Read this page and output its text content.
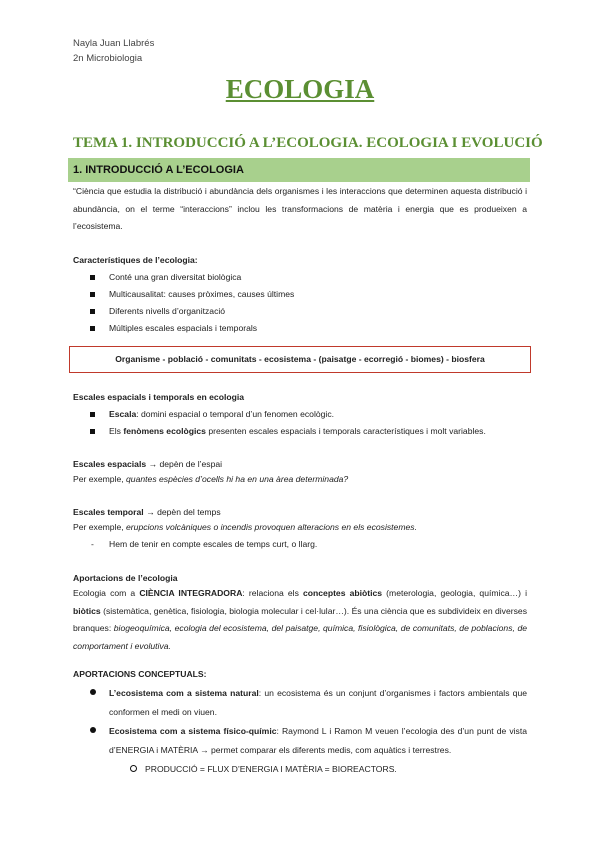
Nayla Juan Llabrés
2n Microbiologia
ECOLOGIA
TEMA 1. INTRODUCCIÓ A L’ECOLOGIA. ECOLOGIA I EVOLUCIÓ
1. INTRODUCCIÓ A L’ECOLOGIA

“Ciència que estudia la distribució i abundància dels organismes i les interaccions que determinen aquesta distribució i abundància, on el terme “interaccions” inclou les transformacions de matèria i energia que es produeixen a l’ecosistema.

Característiques de l’ecologia:

Conté una gran diversitat biològica
Multicausalitat: causes pròximes, causes últimes
Diferents nivells d’organització
Múltiples escales espacials i temporals
Organisme - població - comunitats - ecosistema - (paisatge - ecorregió - biomes) - biosfera

Escales espacials i temporals en ecologia

Escala: domini espacial o temporal d’un fenomen ecològic.
Els fenòmens ecològics presenten escales espacials i temporals característiques i molt variables.

Escales espacials → depèn de l’espai

Per exemple, quantes espècies d’ocells hi ha en una àrea determinada?

Escales temporal → depèn del temps

Per exemple, erupcions volcàniques o incendis provoquen alteracions en els ecosistemes.

- Hem de tenir en compte escales de temps curt, o llarg.

Aportacions de l’ecologia

Ecologia com a CIÈNCIA INTEGRADORA: relaciona els conceptes abiòtics (meterologia, geologia, química…) i biòtics (sistemàtica, genètica, fisiologia, biologia molecular i cel·lular…). És una ciència que es subdivideix en diverses branques: biogeoquímica, ecologia del ecosistema, del paisatge, química, fisiològica, de comunitats, de poblacions, de comportament i evolutiva.

APORTACIONS CONCEPTUALS:

L’ecosistema com a sistema natural: un ecosistema és un conjunt d’organismes i factors ambientals que conformen el medi on viuen.
Ecosistema com a sistema físico-químic: Raymond L i Ramon M veuen l’ecologia des d’un punt de vista d’ENERGIA i MATÈRIA → permet comparar els diferents medis, com aquàtics i terrestres.
PRODUCCIÓ = FLUX D’ENERGIA I MATÈRIA = BIOREACTORS.
